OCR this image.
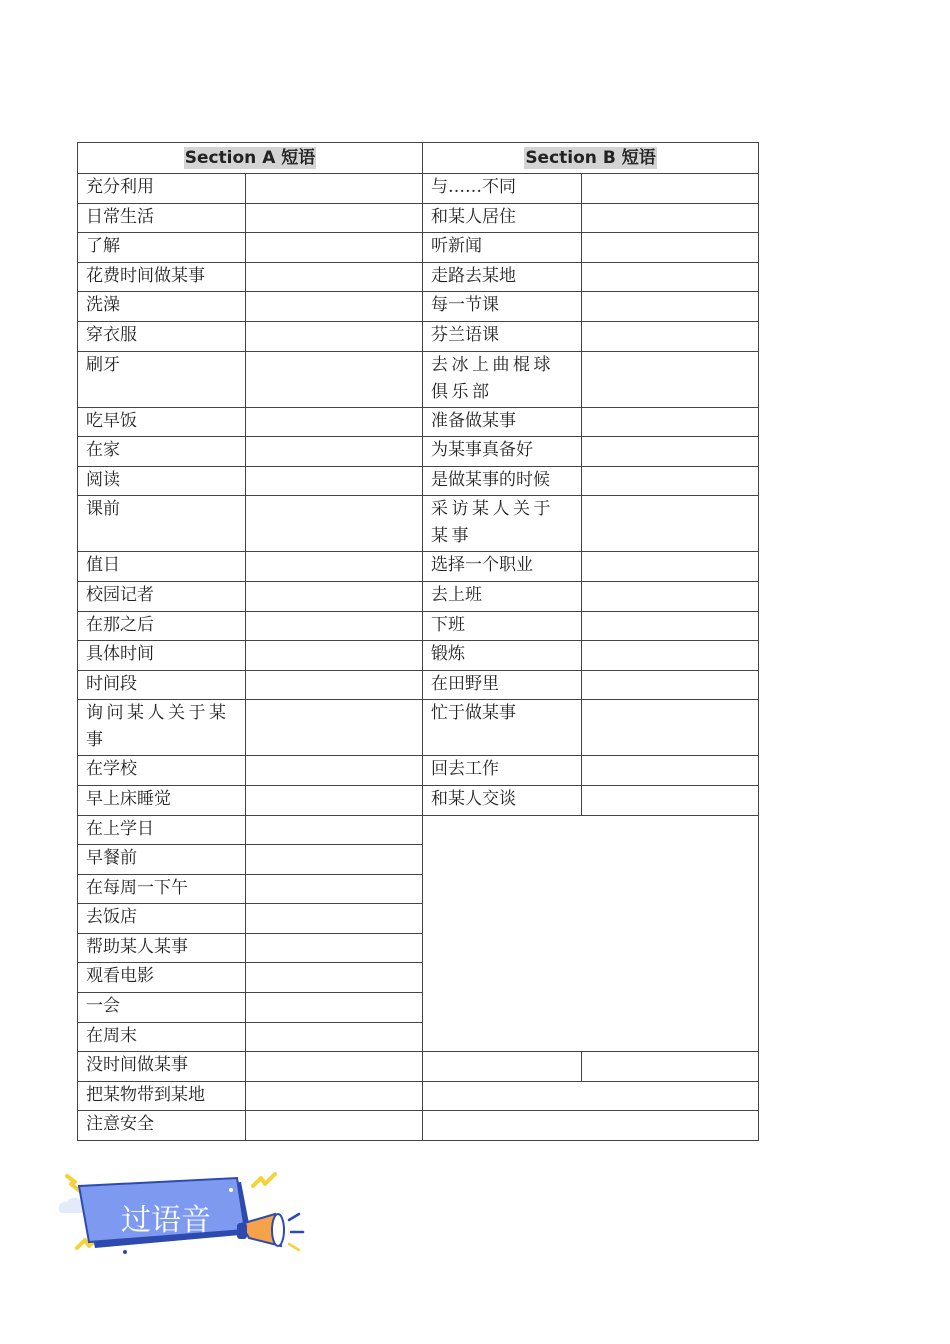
Section A 短语		Section B 短语	
充分利用		与……不同	
日常生活		和某人居住	
了解		听新闻	
花费时间做某事		走路去某地	
洗澡		每一节课	
穿衣服		芬兰语课	
刷牙		去冰上曲棍球俱乐部	
吃早饭		准备做某事	
在家		为某事真备好	
阅读		是做某事的时候	
课前		采访某人关于某事	
值日		选择一个职业	
校园记者		去上班	
在那之后		下班	
具体时间		锻炼	
时间段		在田野里	
询问某人关于某事		忙于做某事	
在学校		回去工作	
早上床睡觉		和某人交谈	
在上学日			
早餐前			
在每周一下午			
去饭店			
帮助某人某事			
观看电影			
一会			
在周末			
没时间做某事			
把某物带到某地			
注意安全			
过语音
